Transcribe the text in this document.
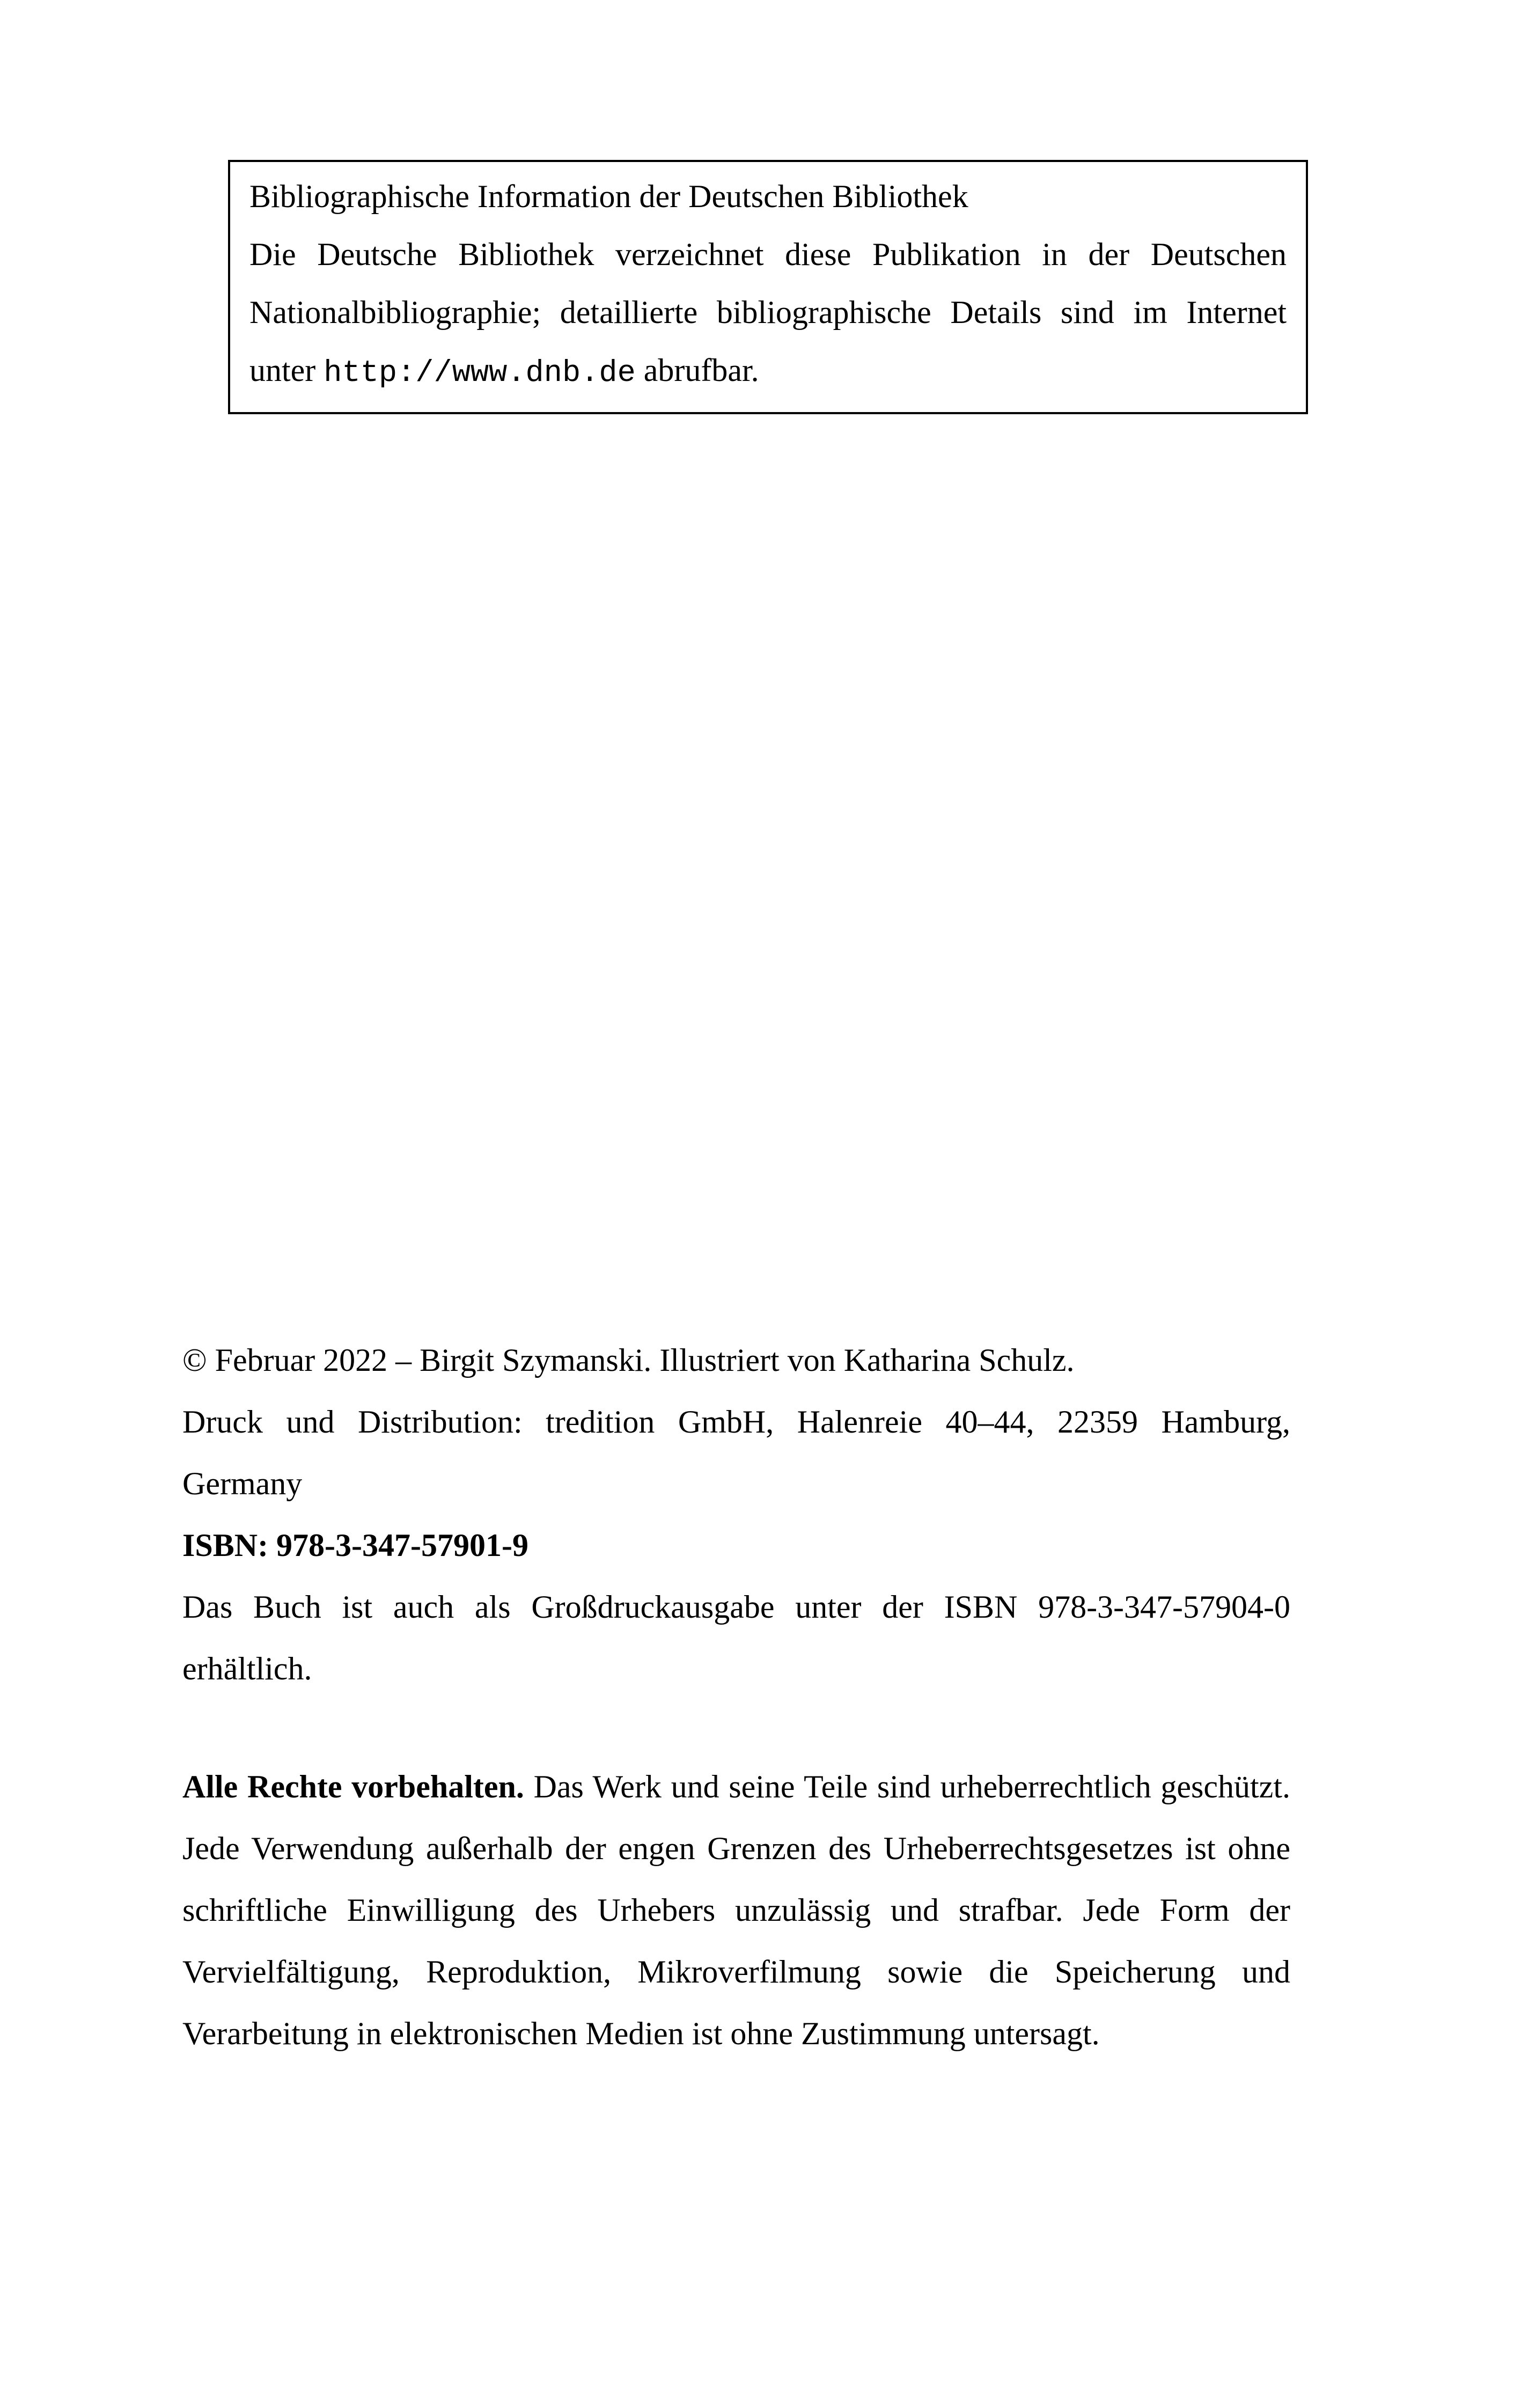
Bibliographische Information der Deutschen Bibliothek

Die Deutsche Bibliothek verzeichnet diese Publikation in der Deutschen Nationalbibliographie; detaillierte bibliographische Details sind im Internet unter http://www.dnb.de abrufbar.

© Februar 2022 – Birgit Szymanski. Illustriert von Katharina Schulz.

Druck und Distribution: tredition GmbH, Halenreie 40–44, 22359 Hamburg, Germany

ISBN: 978-3-347-57901-9

Das Buch ist auch als Großdruckausgabe unter der ISBN 978-3-347-57904-0 erhältlich.

Alle Rechte vorbehalten. Das Werk und seine Teile sind urheberrechtlich geschützt. Jede Verwendung außerhalb der engen Grenzen des Urheberrechtsgesetzes ist ohne schriftliche Einwilligung des Urhebers unzulässig und strafbar. Jede Form der Vervielfältigung, Reproduktion, Mikroverfilmung sowie die Speicherung und Verarbeitung in elektronischen Medien ist ohne Zustimmung untersagt.
